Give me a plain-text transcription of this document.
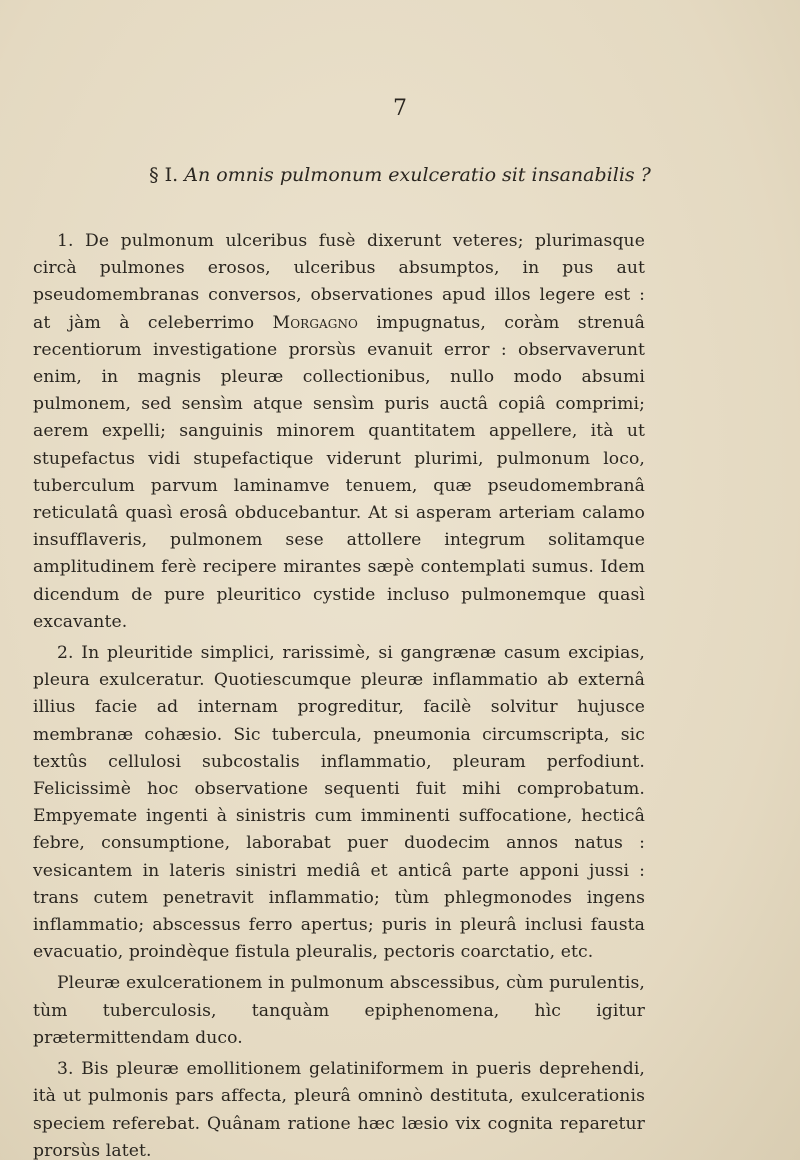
7
§ I. An omnis pulmonum exulceratio sit insanabilis ?

1. De pulmonum ulceribus fusè dixerunt veteres; plurimasque circà pulmones erosos, ulceribus absumptos, in pus aut pseudomembranas conversos, observationes apud illos legere est : at jàm à celeberrimo Morgagno impugnatus, coràm strenuâ recentiorum investigatione prorsùs evanuit error : observaverunt enim, in magnis pleuræ collectionibus, nullo modo absumi pulmonem, sed sensìm atque sensìm puris auctâ copiâ comprimi; aerem expelli; sanguinis minorem quantitatem appellere, ità ut stupefactus vidi stupefactique viderunt plurimi, pulmonum loco, tuberculum parvum laminamve tenuem, quæ pseudomembranâ reticulatâ quasì erosâ obducebantur. At si asperam arteriam calamo insufflaveris, pulmonem sese attollere integrum solitamque amplitudinem ferè recipere mirantes sæpè contemplati sumus. Idem dicendum de pure pleuritico cystide incluso pulmonemque quasì excavante.

2. In pleuritide simplici, rarissimè, si gangrænæ casum excipias, pleura exulceratur. Quotiescumque pleuræ inflammatio ab externâ illius facie ad internam progreditur, facilè solvitur hujusce membranæ cohæsio. Sic tubercula, pneumonia circumscripta, sic textûs cellulosi subcostalis inflammatio, pleuram perfodiunt. Felicissimè hoc observatione sequenti fuit mihi comprobatum. Empyemate ingenti à sinistris cum imminenti suffocatione, hecticâ febre, consumptione, laborabat puer duodecim annos natus : vesicantem in lateris sinistri mediâ et anticâ parte apponi jussi : trans cutem penetravit inflammatio; tùm phlegmonodes ingens inflammatio; abscessus ferro apertus; puris in pleurâ inclusi fausta evacuatio, proindèque fistula pleuralis, pectoris coarctatio, etc.

Pleuræ exulcerationem in pulmonum abscessibus, cùm purulentis, tùm tuberculosis, tanquàm epiphenomena, hìc igitur prætermittendam duco.

3. Bis pleuræ emollitionem gelatiniformem in pueris deprehendi, ità ut pulmonis pars affecta, pleurâ omninò destituta, exulcerationis speciem referebat. Quânam ratione hæc læsio vix cognita reparetur prorsùs latet.
